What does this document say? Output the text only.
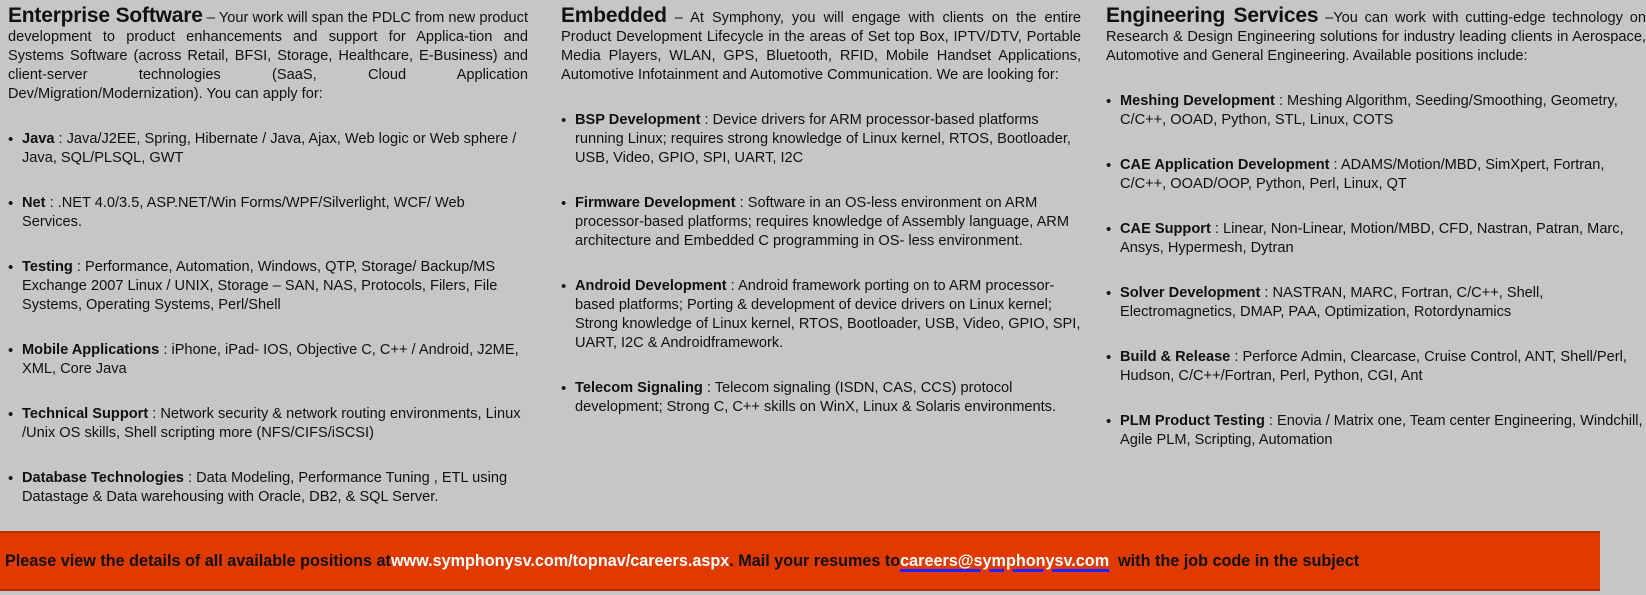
Enterprise Software – Your work will span the PDLC from new product development to product enhancements and support for Applica-tion and Systems Software (across Retail, BFSI, Storage, Healthcare, E-Business) and client-server technologies (SaaS, Cloud Application Dev/Migration/Modernization). You can apply for:

• Java : Java/J2EE, Spring, Hibernate / Java, Ajax, Web logic or Web sphere / Java, SQL/PLSQL, GWT
• Net : .NET 4.0/3.5, ASP.NET/Win Forms/WPF/Silverlight, WCF/ Web Services.
• Testing : Performance, Automation, Windows, QTP, Storage/ Backup/MS Exchange 2007 Linux / UNIX, Storage – SAN, NAS, Protocols, Filers, File Systems, Operating Systems, Perl/Shell
• Mobile Applications : iPhone, iPad- IOS, Objective C, C++ / Android, J2ME, XML, Core Java
• Technical Support : Network security & network routing environments, Linux /Unix OS skills, Shell scripting more (NFS/CIFS/iSCSI)
• Database Technologies : Data Modeling, Performance Tuning , ETL using Datastage & Data warehousing with Oracle, DB2, & SQL Server.

Embedded – At Symphony, you will engage with clients on the entire Product Development Lifecycle in the areas of Set top Box, IPTV/DTV, Portable Media Players, WLAN, GPS, Bluetooth, RFID, Mobile Handset Applications, Automotive Infotainment and Automotive Communication. We are looking for:

• BSP Development : Device drivers for ARM processor-based platforms running Linux; requires strong knowledge of Linux kernel, RTOS, Bootloader, USB, Video, GPIO, SPI, UART, I2C
• Firmware Development : Software in an OS-less environment on ARM processor-based platforms; requires knowledge of Assembly language, ARM architecture and Embedded C programming in OS- less environment.
• Android Development : Android framework porting on to ARM processor-based platforms; Porting & development of device drivers on Linux kernel; Strong knowledge of Linux kernel, RTOS, Bootloader, USB, Video, GPIO, SPI, UART, I2C & Androidframework.
• Telecom Signaling : Telecom signaling (ISDN, CAS, CCS) protocol development; Strong C, C++ skills on WinX, Linux & Solaris environments.

Engineering Services –You can work with cutting-edge technology on Research & Design Engineering solutions for industry leading clients in Aerospace, Automotive and General Engineering. Available positions include:

• Meshing Development : Meshing Algorithm, Seeding/Smoothing, Geometry, C/C++, OOAD, Python, STL, Linux, COTS
• CAE Application Development : ADAMS/Motion/MBD, SimXpert, Fortran, C/C++, OOAD/OOP, Python, Perl, Linux, QT
• CAE Support : Linear, Non-Linear, Motion/MBD, CFD, Nastran, Patran, Marc, Ansys, Hypermesh, Dytran
• Solver Development : NASTRAN, MARC, Fortran, C/C++, Shell, Electromagnetics, DMAP, PAA, Optimization, Rotordynamics
• Build & Release : Perforce Admin, Clearcase, Cruise Control, ANT, Shell/Perl, Hudson, C/C++/Fortran, Perl, Python, CGI, Ant
• PLM Product Testing : Enovia / Matrix one, Team center Engineering, Windchill, Agile PLM, Scripting, Automation
Please view the details of all available positions at www.symphonysv.com/topnav/careers.aspx . Mail your resumes to careers@symphonysv.com with the job code in the subject
